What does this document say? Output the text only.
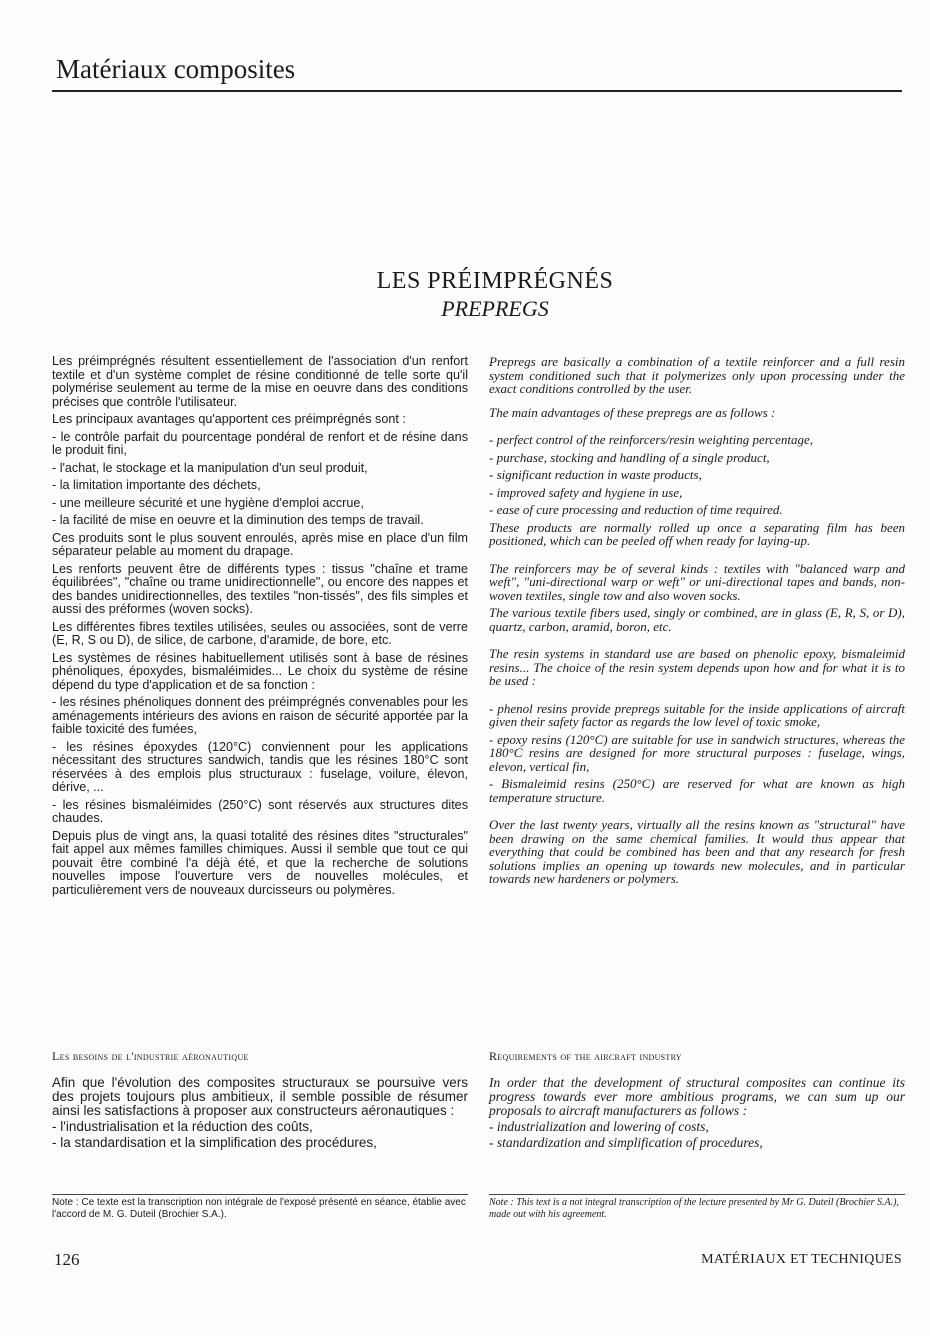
Matériaux composites
LES PRÉIMPRÉGNÉS
PREPREGS

Les préimprégnés résultent essentiellement de l'association d'un renfort textile et d'un système complet de résine conditionné de telle sorte qu'il polymérise seulement au terme de la mise en oeuvre dans des conditions précises que contrôle l'utilisateur.

Les principaux avantages qu'apportent ces préimprégnés sont :

- le contrôle parfait du pourcentage pondéral de renfort et de résine dans le produit fini,

- l'achat, le stockage et la manipulation d'un seul produit,

- la limitation importante des déchets,

- une meilleure sécurité et une hygiène d'emploi accrue,

- la facilité de mise en oeuvre et la diminution des temps de travail.

Ces produits sont le plus souvent enroulés, après mise en place d'un film séparateur pelable au moment du drapage.

Les renforts peuvent être de différents types : tissus "chaîne et trame équilibrées", "chaîne ou trame unidirectionnelle", ou encore des nappes et des bandes unidirectionnelles, des textiles "non-tissés", des fils simples et aussi des préformes (woven socks).

Les différentes fibres textiles utilisées, seules ou associées, sont de verre (E, R, S ou D), de silice, de carbone, d'aramide, de bore, etc.

Les systèmes de résines habituellement utilisés sont à base de résines phénoliques, époxydes, bismaléimides... Le choix du système de résine dépend du type d'application et de sa fonction :

- les résines phénoliques donnent des préimprégnés convenables pour les aménagements intérieurs des avions en raison de sécurité apportée par la faible toxicité des fumées,

- les résines époxydes (120°C) conviennent pour les applications nécessitant des structures sandwich, tandis que les résines 180°C sont réservées à des emplois plus structuraux : fuselage, voilure, élevon, dérive, ...

- les résines bismaléimides (250°C) sont réservés aux structures dites chaudes.

Depuis plus de vingt ans, la quasi totalité des résines dites "structurales" fait appel aux mêmes familles chimiques. Aussi il semble que tout ce qui pouvait être combiné l'a déjà été, et que la recherche de solutions nouvelles impose l'ouverture vers de nouvelles molécules, et particulièrement vers de nouveaux durcisseurs ou polymères.

Prepregs are basically a combination of a textile reinforcer and a full resin system conditioned such that it polymerizes only upon processing under the exact conditions controlled by the user.

The main advantages of these prepregs are as follows :

- perfect control of the reinforcers/resin weighting percentage,

- purchase, stocking and handling of a single product,

- significant reduction in waste products,

- improved safety and hygiene in use,

- ease of cure processing and reduction of time required.

These products are normally rolled up once a separating film has been positioned, which can be peeled off when ready for laying-up.

The reinforcers may be of several kinds : textiles with "balanced warp and weft", "uni-directional warp or weft" or uni-directional tapes and bands, non-woven textiles, single tow and also woven socks.

The various textile fibers used, singly or combined, are in glass (E, R, S, or D), quartz, carbon, aramid, boron, etc.

The resin systems in standard use are based on phenolic epoxy, bismaleimid resins... The choice of the resin system depends upon how and for what it is to be used :

- phenol resins provide prepregs suitable for the inside applications of aircraft given their safety factor as regards the low level of toxic smoke,

- epoxy resins (120°C) are suitable for use in sandwich structures, whereas the 180°C resins are designed for more structural purposes : fuselage, wings, elevon, vertical fin,

- Bismaleimid resins (250°C) are reserved for what are known as high temperature structure.

Over the last twenty years, virtually all the resins known as "structural" have been drawing on the same chemical families. It would thus appear that everything that could be combined has been and that any research for fresh solutions implies an opening up towards new molecules, and in particular towards new hardeners or polymers.

Les besoins de l'industrie aéronautique

Afin que l'évolution des composites structuraux se poursuive vers des projets toujours plus ambitieux, il semble possible de résumer ainsi les satisfactions à proposer aux constructeurs aéronautiques :

- l'industrialisation et la réduction des coûts,

- la standardisation et la simplification des procédures,

Requirements of the aircraft industry

In order that the development of structural composites can continue its progress towards ever more ambitious programs, we can sum up our proposals to aircraft manufacturers as follows :

- industrialization and lowering of costs,

- standardization and simplification of procedures,

Note : Ce texte est la transcription non intégrale de l'exposé présenté en séance, établie avec l'accord de M. G. Duteil (Brochier S.A.).
Note : This text is a not integral transcription of the lecture presented by Mr G. Duteil (Brochier S.A.), made out with his agreement.
126	MATÉRIAUX ET TECHNIQUES
